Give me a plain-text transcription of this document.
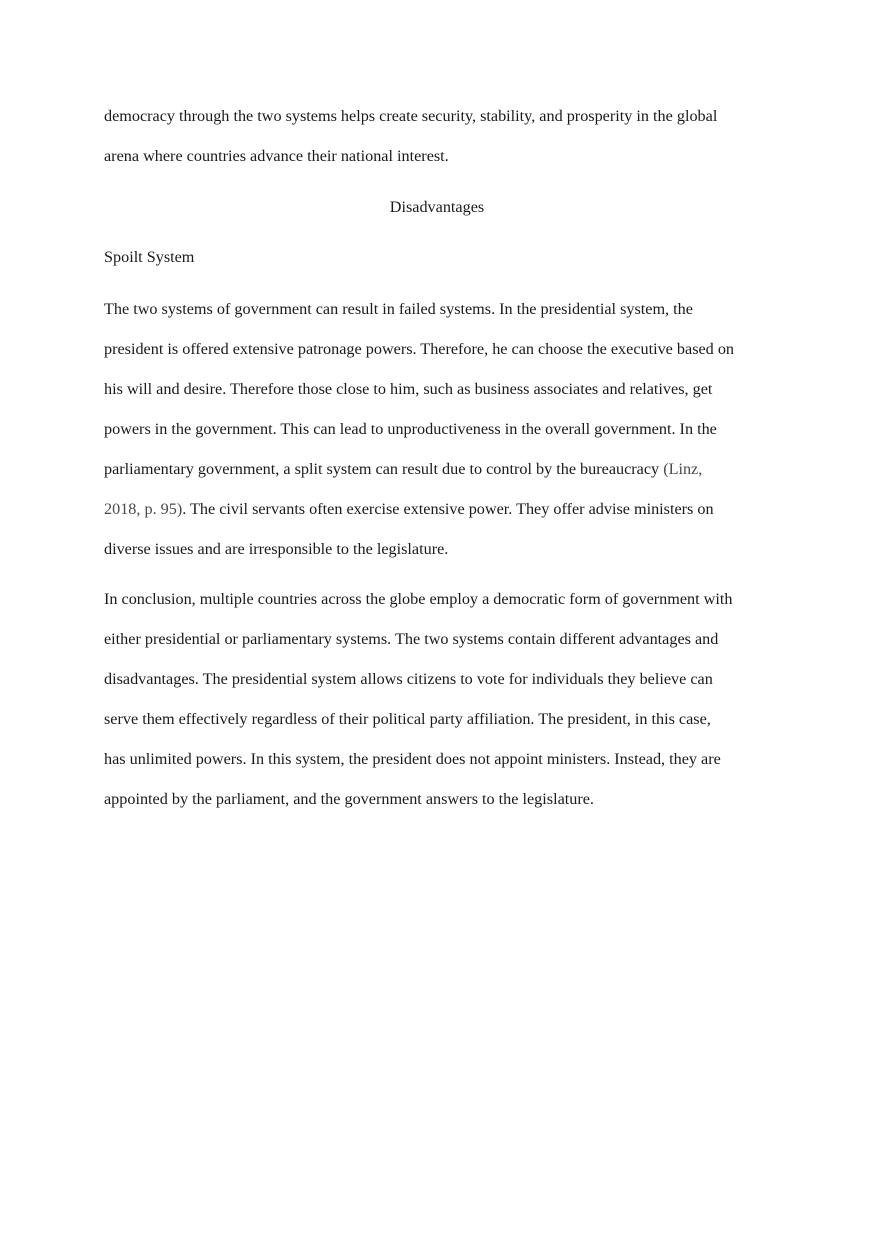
democracy through the two systems helps create security, stability, and prosperity in the global
arena where countries advance their national interest.

Disadvantages
Spoilt System

The two systems of government can result in failed systems. In the presidential system, the
president is offered extensive patronage powers. Therefore, he can choose the executive based on
his will and desire. Therefore those close to him, such as business associates and relatives, get
powers in the government. This can lead to unproductiveness in the overall government. In the
parliamentary government, a split system can result due to control by the bureaucracy (Linz,
2018, p. 95). The civil servants often exercise extensive power. They offer advise ministers on
diverse issues and are irresponsible to the legislature.

In conclusion, multiple countries across the globe employ a democratic form of government with
either presidential or parliamentary systems. The two systems contain different advantages and
disadvantages. The presidential system allows citizens to vote for individuals they believe can
serve them effectively regardless of their political party affiliation. The president, in this case,
has unlimited powers. In this system, the president does not appoint ministers. Instead, they are
appointed by the parliament, and the government answers to the legislature.
